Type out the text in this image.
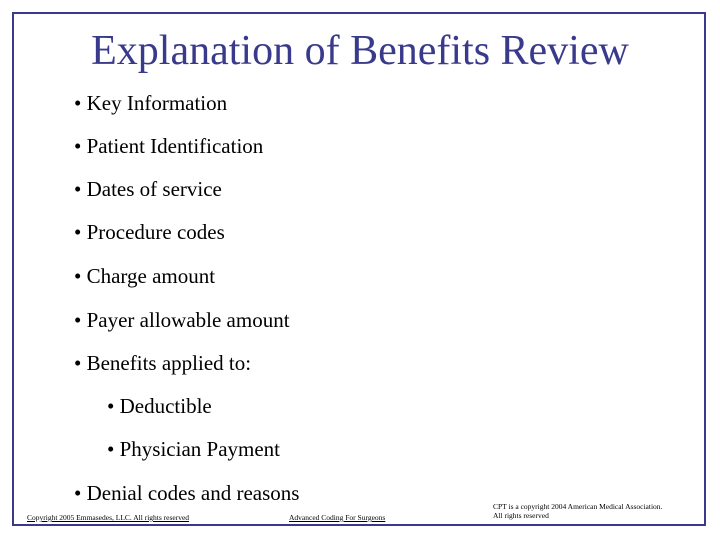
Explanation of Benefits Review
• Key Information
• Patient Identification
• Dates of service
• Procedure codes
• Charge amount
• Payer allowable amount
• Benefits applied to:
• Deductible
• Physician Payment
• Denial codes and reasons
Copyright 2005 Emmasedes, LLC. All rights reserved	Advanced Coding For Surgeons
CPT is a copyright 2004 American Medical Association.
All rights reserved
